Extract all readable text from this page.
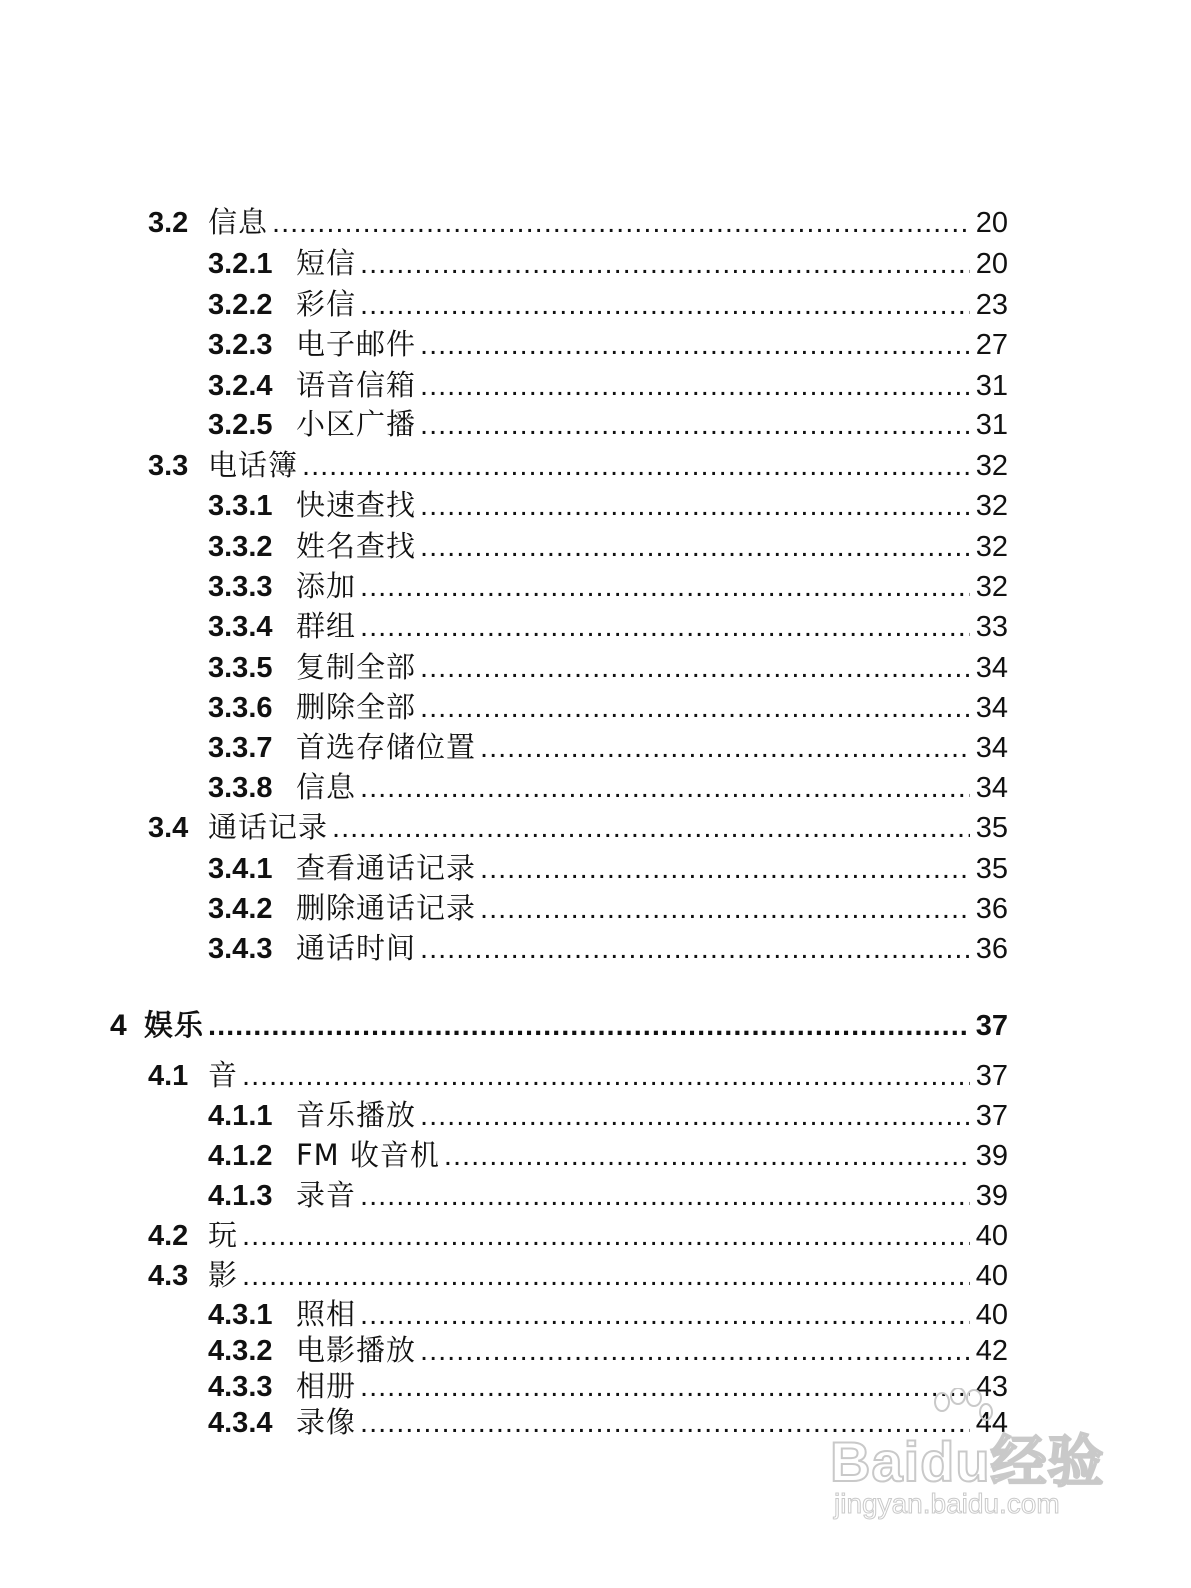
3.2 信息 .....	20
3.2.1 短信 .....	20
3.2.2 彩信 .....	23
3.2.3 电子邮件 .....	27
3.2.4 语音信箱 .....	31
3.2.5 小区广播 .....	31
3.3 电话簿 .....	32
3.3.1 快速查找 .....	32
3.3.2 姓名查找 .....	32
3.3.3 添加 .....	32
3.3.4 群组 .....	33
3.3.5 复制全部 .....	34
3.3.6 删除全部 .....	34
3.3.7 首选存储位置 .....	34
3.3.8 信息 .....	34
3.4 通话记录 .....	35
3.4.1 查看通话记录 .....	35
3.4.2 删除通话记录 .....	36
3.4.3 通话时间 .....	36
4 娱乐 .....	37
4.1 音 .....	37
4.1.1 音乐播放 .....	37
4.1.2 FM 收音机 .....	39
4.1.3 录音 .....	39
4.2 玩 .....	40
4.3 影 .....	40
4.3.1 照相 .....	40
4.3.2 电影播放 .....	42
4.3.3 相册 .....	43
4.3.4 录像 .....	44
Baidu经验
jingyan.baidu.com
